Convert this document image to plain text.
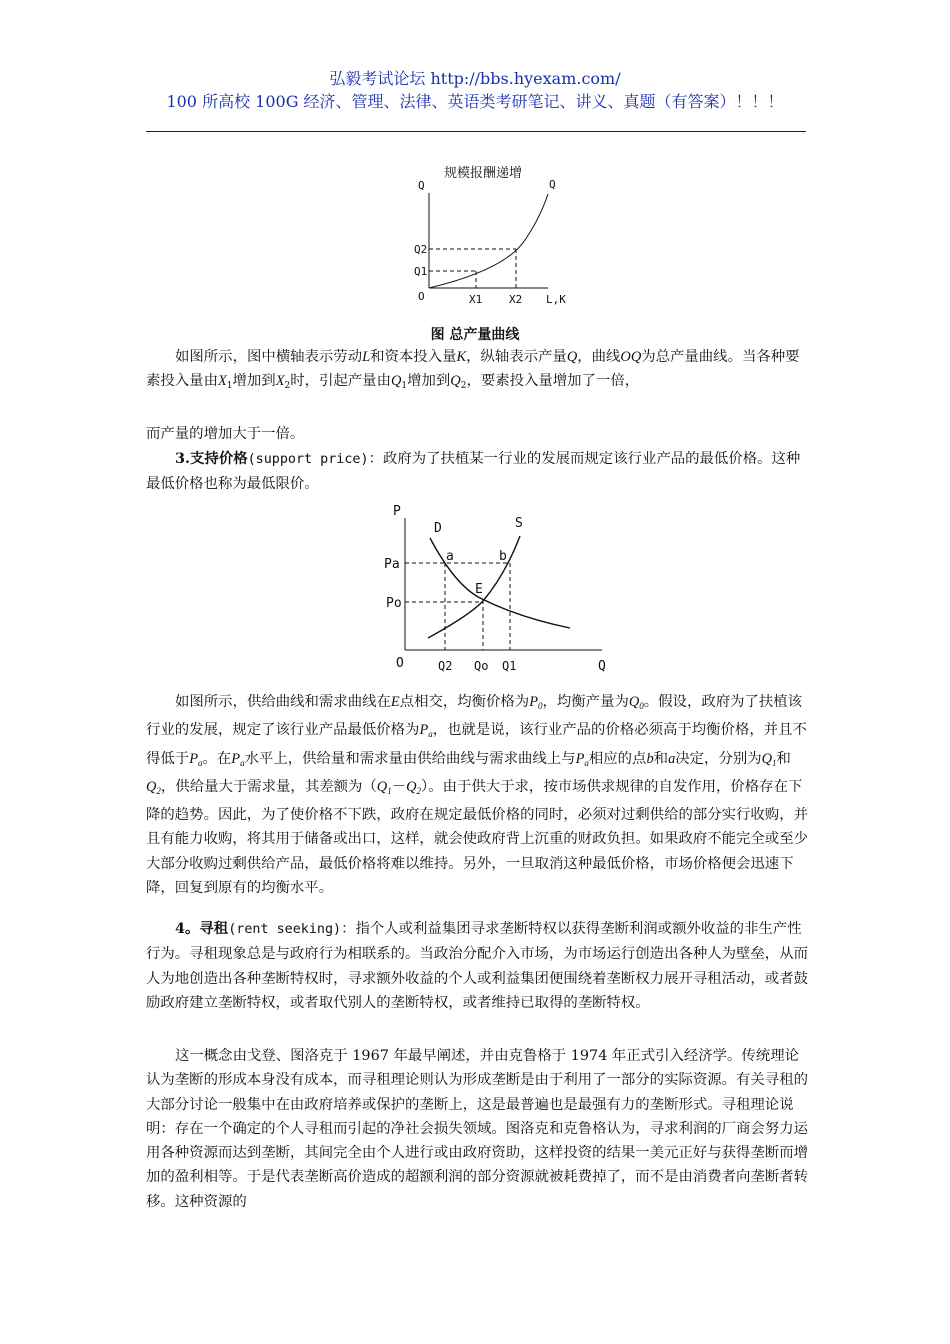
弘毅考试论坛 http://bbs.hyexam.com/
100 所高校 100G 经济、管理、法律、英语类考研笔记、讲义、真题（有答案）！！！
规模报酬递增
Q	Q
Q2
Q1
O	X1 X2 L,K
图 总产量曲线
如图所示，图中横轴表示劳动L和资本投入量K，纵轴表示产量Q，曲线OQ为总产量曲线。当各种要素投入量由$X_1$增加到$X_2$时，引起产量由$Q_1$增加到$Q_2$，要素投入量增加了一倍，
而产量的增加大于一倍。
3.支持价格(support price)：政府为了扶植某一行业的发展而规定该行业产品的最低价格。这种最低价格也称为最低限价。
P
D	S
a	b
E
Pa
Po
O	Q2 Qo Q1	Q
如图所示，供给曲线和需求曲线在E点相交，均衡价格为$P_0$，均衡产量为$Q_0$。假设，政府为了扶植该行业的发展，规定了该行业产品最低价格为$P_a$，也就是说，该行业产品的价格必须高于均衡价格，并且不得低于$P_a$。在$P_a$水平上，供给量和需求量由供给曲线与需求曲线上与$P_a$相应的点b和a决定，分别为$Q_1$和$Q_2$，供给量大于需求量，其差额为$(Q_1-Q_2)$。由于供大于求，按市场供求规律的自发作用，价格存在下降的趋势。因此，为了使价格不下跌，政府在规定最低价格的同时，必须对过剩供给的部分实行收购，并且有能力收购，将其用于储备或出口，这样，就会使政府背上沉重的财政负担。如果政府不能完全或至少大部分收购过剩供给产品，最低价格将难以维持。另外，一旦取消这种最低价格，市场价格便会迅速下降，回复到原有的均衡水平。
4。寻租(rent seeking)：指个人或利益集团寻求垄断特权以获得垄断利润或额外收益的非生产性行为。寻租现象总是与政府行为相联系的。当政治分配介入市场，为市场运行创造出各种人为壁垒，从而人为地创造出各种垄断特权时，寻求额外收益的个人或利益集团便围绕着垄断权力展开寻租活动，或者鼓励政府建立垄断特权，或者取代别人的垄断特权，或者维持已取得的垄断特权。
这一概念由戈登、图洛克于 1967 年最早阐述，并由克鲁格于 1974 年正式引入经济学。传统理论认为垄断的形成本身没有成本，而寻租理论则认为形成垄断是由于利用了一部分的实际资源。有关寻租的大部分讨论一般集中在由政府培养或保护的垄断上，这是最普遍也是最强有力的垄断形式。寻租理论说明：存在一个确定的个人寻租而引起的净社会损失领域。图洛克和克鲁格认为，寻求利润的厂商会努力运用各种资源而达到垄断，其间完全由个人进行或由政府资助，这样投资的结果一美元正好与获得垄断而增加的盈利相等。于是代表垄断高价造成的超额利润的部分资源就被耗费掉了，而不是由消费者向垄断者转移。这种资源的
